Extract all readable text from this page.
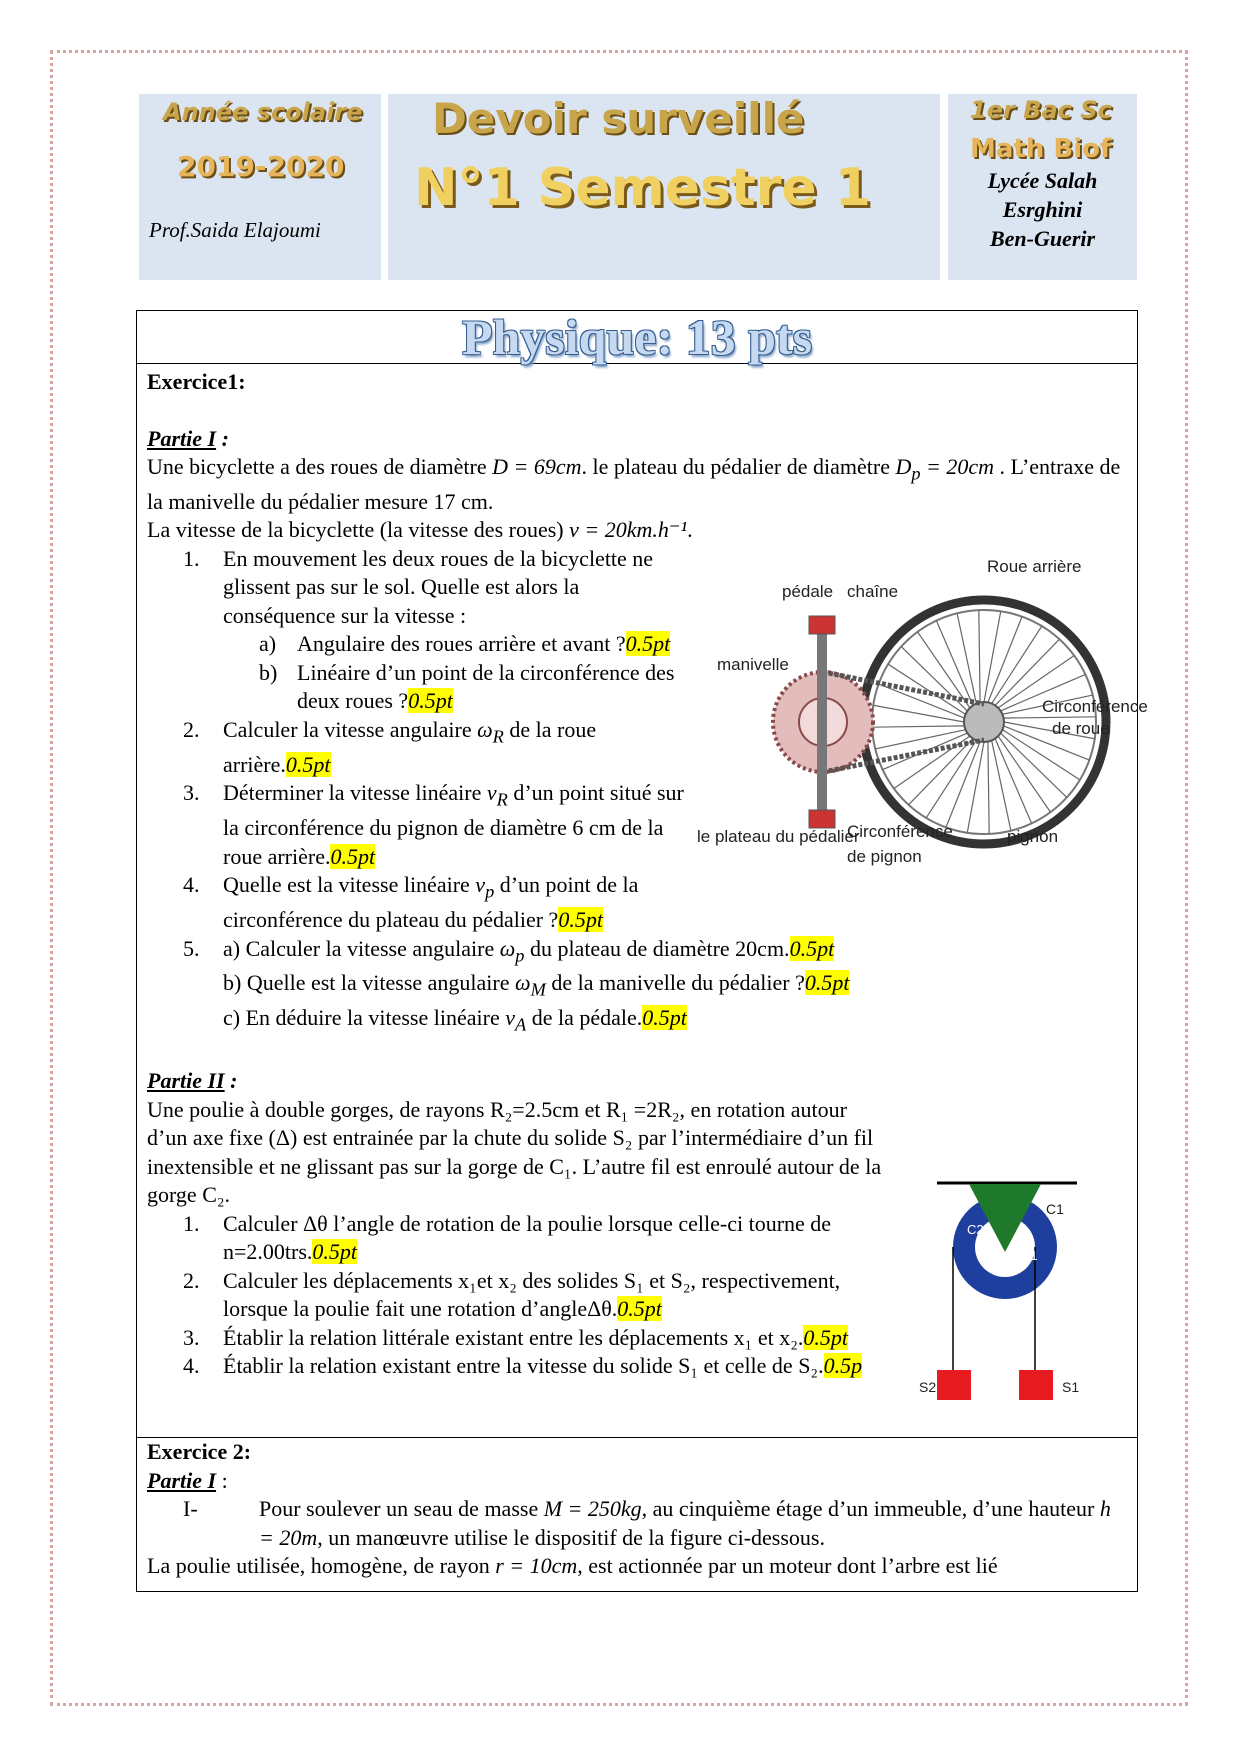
Année scolaire
2019-2020
Prof.Saida Elajoumi
Devoir surveillé
N°1 Semestre 1
1er Bac Sc
Math Biof
Lycée Salah
Esrghini
Ben-Guerir
Physique: 13 pts
Exercice1:
Partie I :
Une bicyclette a des roues de diamètre D = 69cm. le plateau du pédalier de diamètre $D_p = 20cm$ . L’entraxe de la manivelle du pédalier mesure 17 cm.
La vitesse de la bicyclette (la vitesse des roues) v = 20km.h⁻¹.
1. En mouvement les deux roues de la bicyclette ne glissent pas sur le sol. Quelle est alors la conséquence sur la vitesse :
a) Angulaire des roues arrière et avant ?0.5pt
b) Linéaire d’un point de la circonférence des deux roues ?0.5pt
2. Calculer la vitesse angulaire $\omega_R$ de la roue arrière.0.5pt
3. Déterminer la vitesse linéaire $v_R$ d’un point situé sur la circonférence du pignon de diamètre 6 cm de la roue arrière.0.5pt
4. Quelle est la vitesse linéaire $v_p$ d’un point de la circonférence du plateau du pédalier ?0.5pt
5. a) Calculer la vitesse angulaire $\omega_p$ du plateau de diamètre 20cm.0.5pt
b) Quelle est la vitesse angulaire $\omega_M$ de la manivelle du pédalier ?0.5pt
c) En déduire la vitesse linéaire $v_A$ de la pédale.0.5pt
Partie II :
Une poulie à double gorges, de rayons R₂=2.5cm et R₁ =2R₂, en rotation autour d’un axe fixe (Δ) est entrainée par la chute du solide S₂ par l’intermédiaire d’un fil inextensible et ne glissant pas sur la gorge de C₁. L’autre fil est enroulé autour de la gorge C₂.
1. Calculer Δθ l’angle de rotation de la poulie lorsque celle-ci tourne de n=2.00trs.0.5pt
2. Calculer les déplacements x₁et x₂ des solides S₁ et S₂, respectivement, lorsque la poulie fait une rotation d’angleΔθ.0.5pt
3. Établir la relation littérale existant entre les déplacements x₁ et x₂.0.5pt
4. Établir la relation existant entre la vitesse du solide S₁ et celle de S₂.0.5p
pédale chaîne
Roue arrière
manivelle
Circonférence
de roue
le plateau du pédalier
Circonférence
de pignon
pignon
C1
C2
R2 R1
S1
S2
Exercice 2:
Partie I :
I-	Pour soulever un seau de masse M = 250kg, au cinquième étage d’un immeuble, d’une hauteur h = 20m, un manœuvre utilise le dispositif de la figure ci-dessous.
La poulie utilisée, homogène, de rayon r = 10cm, est actionnée par un moteur dont l’arbre est lié
